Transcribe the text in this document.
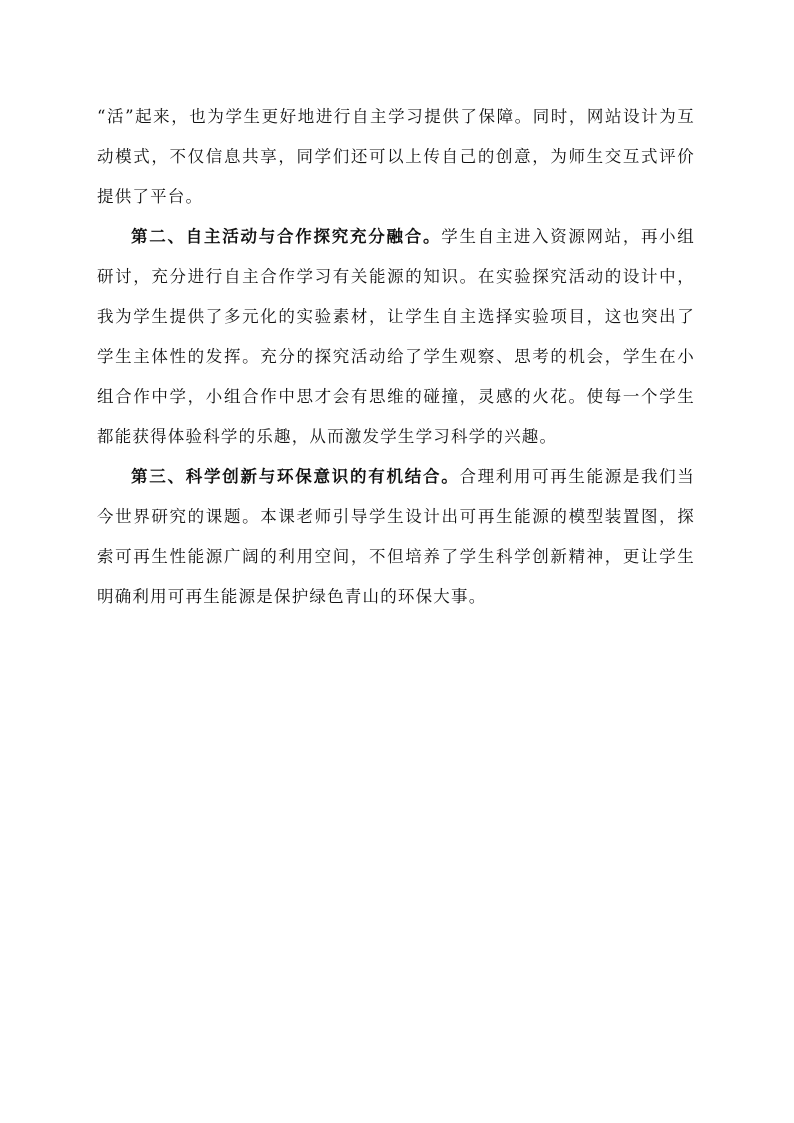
“活”起来，也为学生更好地进行自主学习提供了保障。同时，网站设计为互动模式，不仅信息共享，同学们还可以上传自己的创意，为师生交互式评价提供了平台。

第二、自主活动与合作探究充分融合。学生自主进入资源网站，再小组研讨，充分进行自主合作学习有关能源的知识。在实验探究活动的设计中，我为学生提供了多元化的实验素材，让学生自主选择实验项目，这也突出了学生主体性的发挥。充分的探究活动给了学生观察、思考的机会，学生在小组合作中学，小组合作中思才会有思维的碰撞，灵感的火花。使每一个学生都能获得体验科学的乐趣，从而激发学生学习科学的兴趣。

第三、科学创新与环保意识的有机结合。合理利用可再生能源是我们当今世界研究的课题。本课老师引导学生设计出可再生能源的模型装置图，探索可再生性能源广阔的利用空间，不但培养了学生科学创新精神，更让学生明确利用可再生能源是保护绿色青山的环保大事。
